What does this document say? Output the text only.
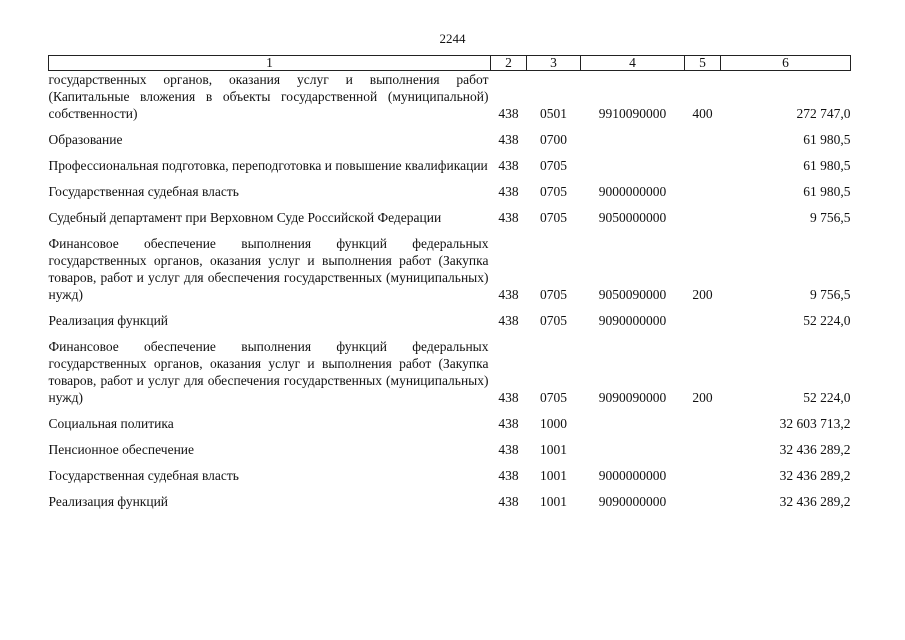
2244
1	2	3	4	5	6
государственных органов, оказания услуг и выполнения работ (Капитальные вложения в объекты государственной (муниципальной) собственности)	438	0501	9910090000	400	272 747,0
Образование	438	0700			61 980,5
Профессиональная подготовка, переподготовка и повышение квалификации	438	0705			61 980,5
Государственная судебная власть	438	0705	9000000000		61 980,5
Судебный департамент при Верховном Суде Российской Федерации	438	0705	9050000000		9 756,5
Финансовое обеспечение выполнения функций федеральных государственных органов, оказания услуг и выполнения работ (Закупка товаров, работ и услуг для обеспечения государственных (муниципальных) нужд)	438	0705	9050090000	200	9 756,5
Реализация функций	438	0705	9090000000		52 224,0
Финансовое обеспечение выполнения функций федеральных государственных органов, оказания услуг и выполнения работ (Закупка товаров, работ и услуг для обеспечения государственных (муниципальных) нужд)	438	0705	9090090000	200	52 224,0
Социальная политика	438	1000			32 603 713,2
Пенсионное обеспечение	438	1001			32 436 289,2
Государственная судебная власть	438	1001	9000000000		32 436 289,2
Реализация функций	438	1001	9090000000		32 436 289,2
